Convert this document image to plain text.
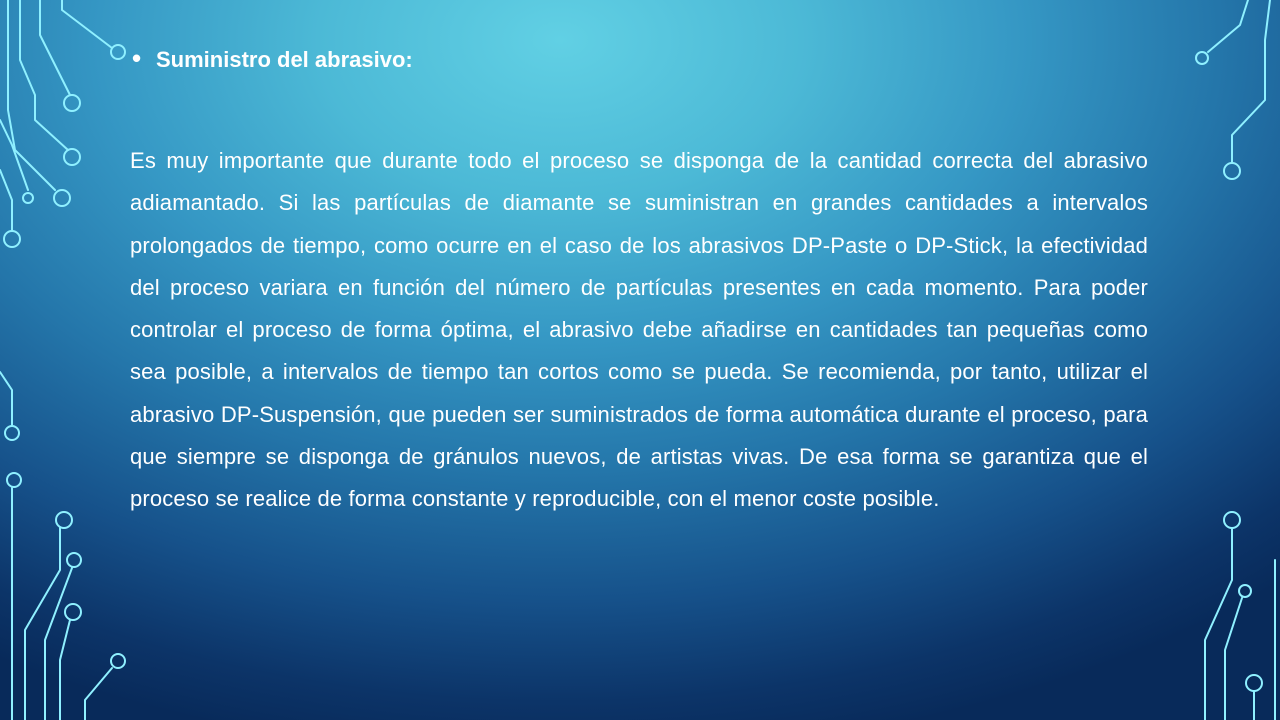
• Suministro del abrasivo:

Es muy importante que durante todo el proceso se disponga de la cantidad correcta del abrasivo adiamantado. Si las partículas de diamante se suministran en grandes cantidades a intervalos prolongados de tiempo, como ocurre en el caso de los abrasivos DP-Paste o DP-Stick, la efectividad del proceso variara en función del número de partículas presentes en cada momento. Para poder controlar el proceso de forma óptima, el abrasivo debe añadirse en cantidades tan pequeñas como sea posible, a intervalos de tiempo tan cortos como se pueda. Se recomienda, por tanto, utilizar el abrasivo DP-Suspensión, que pueden ser suministrados de forma automática durante el proceso, para que siempre se disponga de gránulos nuevos, de artistas vivas. De esa forma se garantiza que el proceso se realice de forma constante y reproducible, con el menor coste posible.
